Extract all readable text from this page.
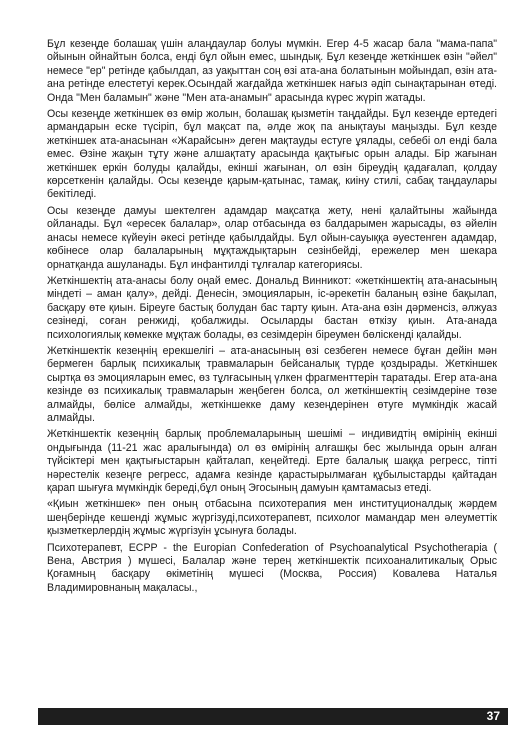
Бұл кезеңде болашақ үшін алаңдаулар болуы мүмкін. Егер 4-5 жасар бала "мама-папа" ойынын ойнайтын болса, енді бұл ойын емес, шындық. Бұл кезеңде жеткіншек өзін "әйел" немесе "ер" ретінде қабылдап, аз уақыттан соң өзі ата-ана болатынын мойындап, өзін ата-ана ретінде елестетуі керек.Осындай жағдайда жеткіншек нағыз әдіп сынақтарынан өтеді. Онда "Мен баламын" және "Мен ата-анамын" арасында күрес жүріп жатады.

Осы кезеңде жеткіншек өз өмір жолын, болашақ қызметін таңдайды. Бұл кезеңде ертедегі армандарын еске түсіріп, бұл мақсат па, әлде жоқ па анықтауы маңызды. Бұл кезде жеткіншек ата-анасынан «Жарайсын» деген мақтауды естуге ұялады, себебі ол енді бала емес. Өзіне жақын тұту және алшақтату арасында қақтығыс орын алады. Бір жағынан жеткіншек еркін болуды қалайды, екінші жағынан, ол өзін біреудің қадағалап, қолдау көрсеткенін қалайды. Осы кезеңде қарым-қатынас, тамақ, киіну стилі, сабақ таңдаулары бекітіледі.

Осы кезеңде дамуы шектелген адамдар мақсатқа жету, нені қалайтыны жайында ойланады. Бұл «ересек балалар», олар отбасында өз балдарымен жарысады, өз әйелін анасы немесе күйеуін әкесі ретінде қабылдайды. Бұл ойын-сауыққа әуестенген адамдар, көбінесе олар балаларының мұқтаждықтарын сезінбейді, ережелер мен шекара орнатқанда ашуланады. Бұл инфантилді тұлғалар категориясы.

Жеткіншектің ата-анасы болу оңай емес. Дональд Винникот: «жеткіншектің ата-анасының міндеті – аман қалу», дейді. Денесін, эмоцияларын, іс-әрекетін баланың өзіне бақылап, басқару өте қиын. Біреуге бастық болудан бас тарту қиын. Ата-ана өзін дәрменсіз, әлжуаз сезінеді, соған ренжиді, қобалжиды. Осыларды бастан өткізу қиын. Ата-анада психологиялық көмекке мұқтаж болады, өз сезімдерін біреумен бөліскенді қалайды.

Жеткіншектік кезеңнің ерекшелігі – ата-анасының өзі сезбеген немесе бұған дейін мән бермеген барлық психикалық травмаларын бейсаналық түрде қоздырады. Жеткіншек сыртқа өз эмоцияларын емес, өз тұлғасының үлкен фрагменттерін таратады. Егер ата-ана кезінде өз психикалық травмаларын жеңбеген болса, ол жеткіншектің сезімдеріне төзе алмайды, бөлісе алмайды, жеткіншекке даму кезеңдерінен өтуге мүмкіндік жасай алмайды.

Жеткіншектік кезеңнің барлық проблемаларының шешімі – индивидтің өмірінің екінші ондығында (11-21 жас аралығында) ол өз өмірінің алғашқы бес жылында орын алған түйсіктері мен қақтығыстарын қайталап, кеңейтеді. Ерте балалық шаққа регресс, тіпті нәрестелік кезеңге регресс, адамға кезінде қарастырылмаған құбылыстарды қайтадан қарап шығуға мүмкіндік береді,бұл оның Эгосының дамуын қамтамасыз етеді.

«Қиын жеткіншек» пен оның отбасына психотерапия мен институционалдық жәрдем шеңберінде кешенді жұмыс жүргізуді,психотерапевт, психолог мамандар мен әлеуметтік қызметкерлердің жұмыс жүргізуін ұсынуға болады.

Психотерапевт, ECPP - the Europian Confederation of Psychoanalytical Psychotheraрia ( Вена, Австрия ) мүшесі, Балалар және терең жеткіншектік психоаналитикалық Орыс Қоғамның басқару өкіметінің мүшесі (Москва, Россия) Ковалева Наталья Владимировнаның мақаласы.,

37
